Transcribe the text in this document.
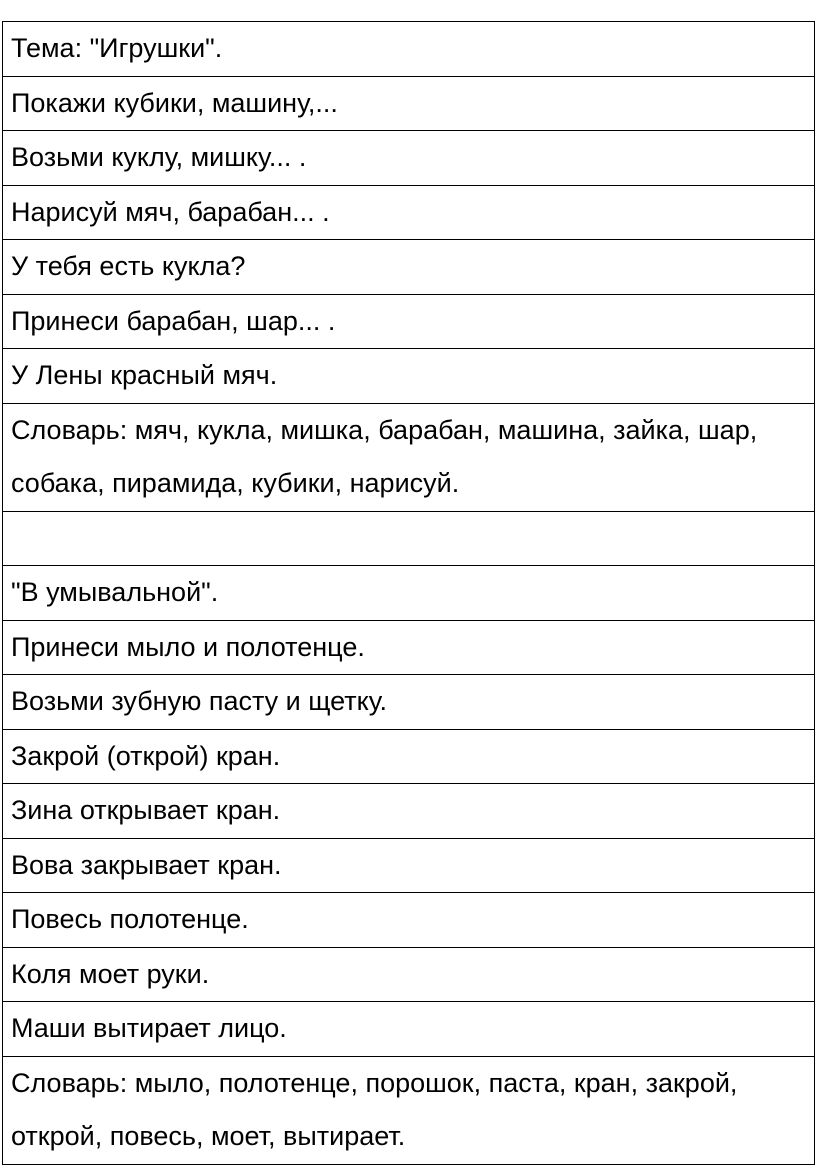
Тема: "Игрушки".
Покажи кубики, машину,...
Возьми куклу, мишку... .
Нарисуй мяч, барабан... .
У тебя есть кукла?
Принеси барабан, шар... .
У Лены красный мяч.
Словарь: мяч, кукла, мишка, барабан, машина, зайка, шар, собака, пирамида, кубики, нарисуй.

"В умывальной".
Принеси мыло и полотенце.
Возьми зубную пасту и щетку.
Закрой (открой) кран.
Зина открывает кран.
Вова закрывает кран.
Повесь полотенце.
Коля моет руки.
Маши вытирает лицо.
Словарь: мыло, полотенце, порошок, паста, кран, закрой, открой, повесь, моет, вытирает.
